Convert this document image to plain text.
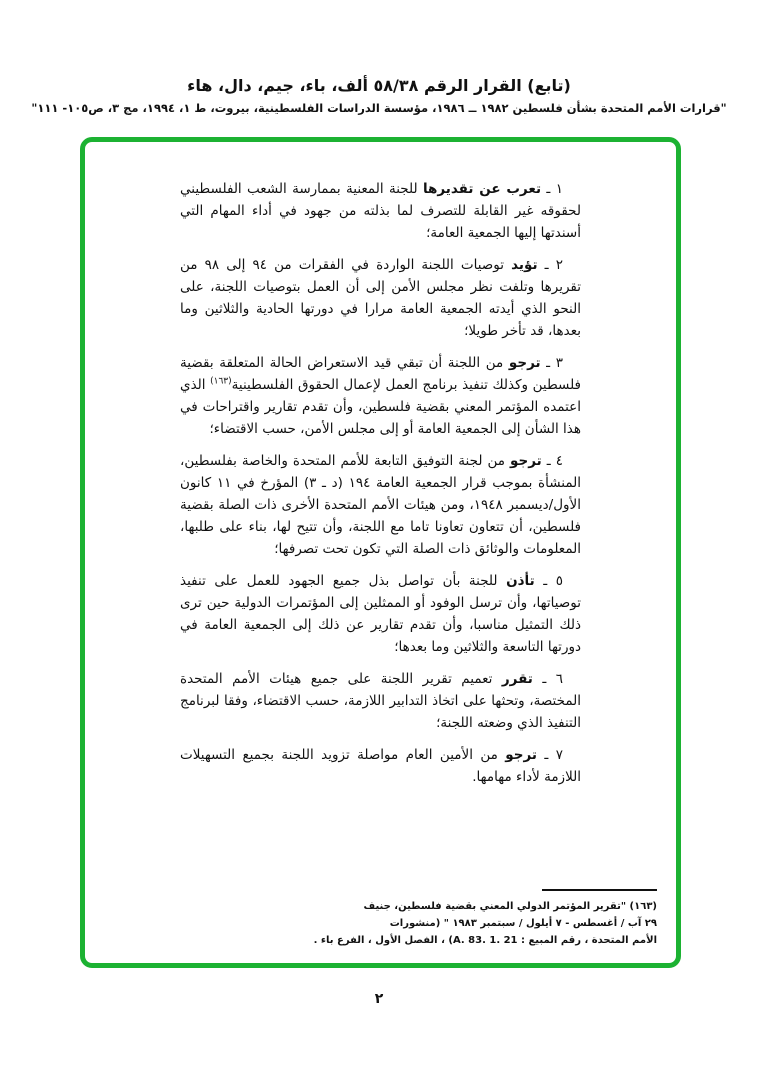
(تابع) القرار الرقم ٥٨/٣٨ ألف، باء، جيم، دال، هاء
"قرارات الأمم المتحدة بشأن فلسطين ١٩٨٢ ــ ١٩٨٦، مؤسسة الدراسات الفلسطينية، بيروت، ط ١، ١٩٩٤، مج ٣، ص١٠٥- ١١١"

١ ـ تعرب عن تقديرها للجنة المعنية بممارسة الشعب الفلسطيني لحقوقه غير القابلة للتصرف لما بذلته من جهود في أداء المهام التي أسندتها إليها الجمعية العامة؛

٢ ـ تؤيد توصيات اللجنة الواردة في الفقرات من ٩٤ إلى ٩٨ من تقريرها وتلفت نظر مجلس الأمن إلى أن العمل بتوصيات اللجنة، على النحو الذي أيدته الجمعية العامة مرارا في دورتها الحادية والثلاثين وما بعدها، قد تأخر طويلا؛

٣ ـ ترجو من اللجنة أن تبقي قيد الاستعراض الحالة المتعلقة بقضية فلسطين وكذلك تنفيذ برنامج العمل لإعمال الحقوق الفلسطينية$^{(١٦٣)}$ الذي اعتمده المؤتمر المعني بقضية فلسطين، وأن تقدم تقارير واقتراحات في هذا الشأن إلى الجمعية العامة أو إلى مجلس الأمن، حسب الاقتضاء؛

٤ ـ ترجو من لجنة التوفيق التابعة للأمم المتحدة والخاصة بفلسطين، المنشأة بموجب قرار الجمعية العامة ١٩٤ (د ـ ٣) المؤرخ في ١١ كانون الأول/ديسمبر ١٩٤٨، ومن هيئات الأمم المتحدة الأخرى ذات الصلة بقضية فلسطين، أن تتعاون تعاونا تاما مع اللجنة، وأن تتيح لها، بناء على طلبها، المعلومات والوثائق ذات الصلة التي تكون تحت تصرفها؛

٥ ـ تأذن للجنة بأن تواصل بذل جميع الجهود للعمل على تنفيذ توصياتها، وأن ترسل الوفود أو الممثلين إلى المؤتمرات الدولية حين ترى ذلك التمثيل مناسبا، وأن تقدم تقارير عن ذلك إلى الجمعية العامة في دورتها التاسعة والثلاثين وما بعدها؛

٦ ـ تقرر تعميم تقرير اللجنة على جميع هيئات الأمم المتحدة المختصة، وتحثها على اتخاذ التدابير اللازمة، حسب الاقتضاء، وفقا لبرنامج التنفيذ الذي وضعته اللجنة؛

٧ ـ ترجو من الأمين العام مواصلة تزويد اللجنة بجميع التسهيلات اللازمة لأداء مهامها.

(١٦٣) "تقرير المؤتمر الدولي المعني بقضية فلسطين، جنيف
٢٩ آب / أغسطس - ٧ أيلول / سبتمبر ١٩٨٣ " (منشورات
الأمم المتحدة ، رقم المبيع : A. 83. 1. 21) ، الفصل الأول ، الفرع باء .
٢
